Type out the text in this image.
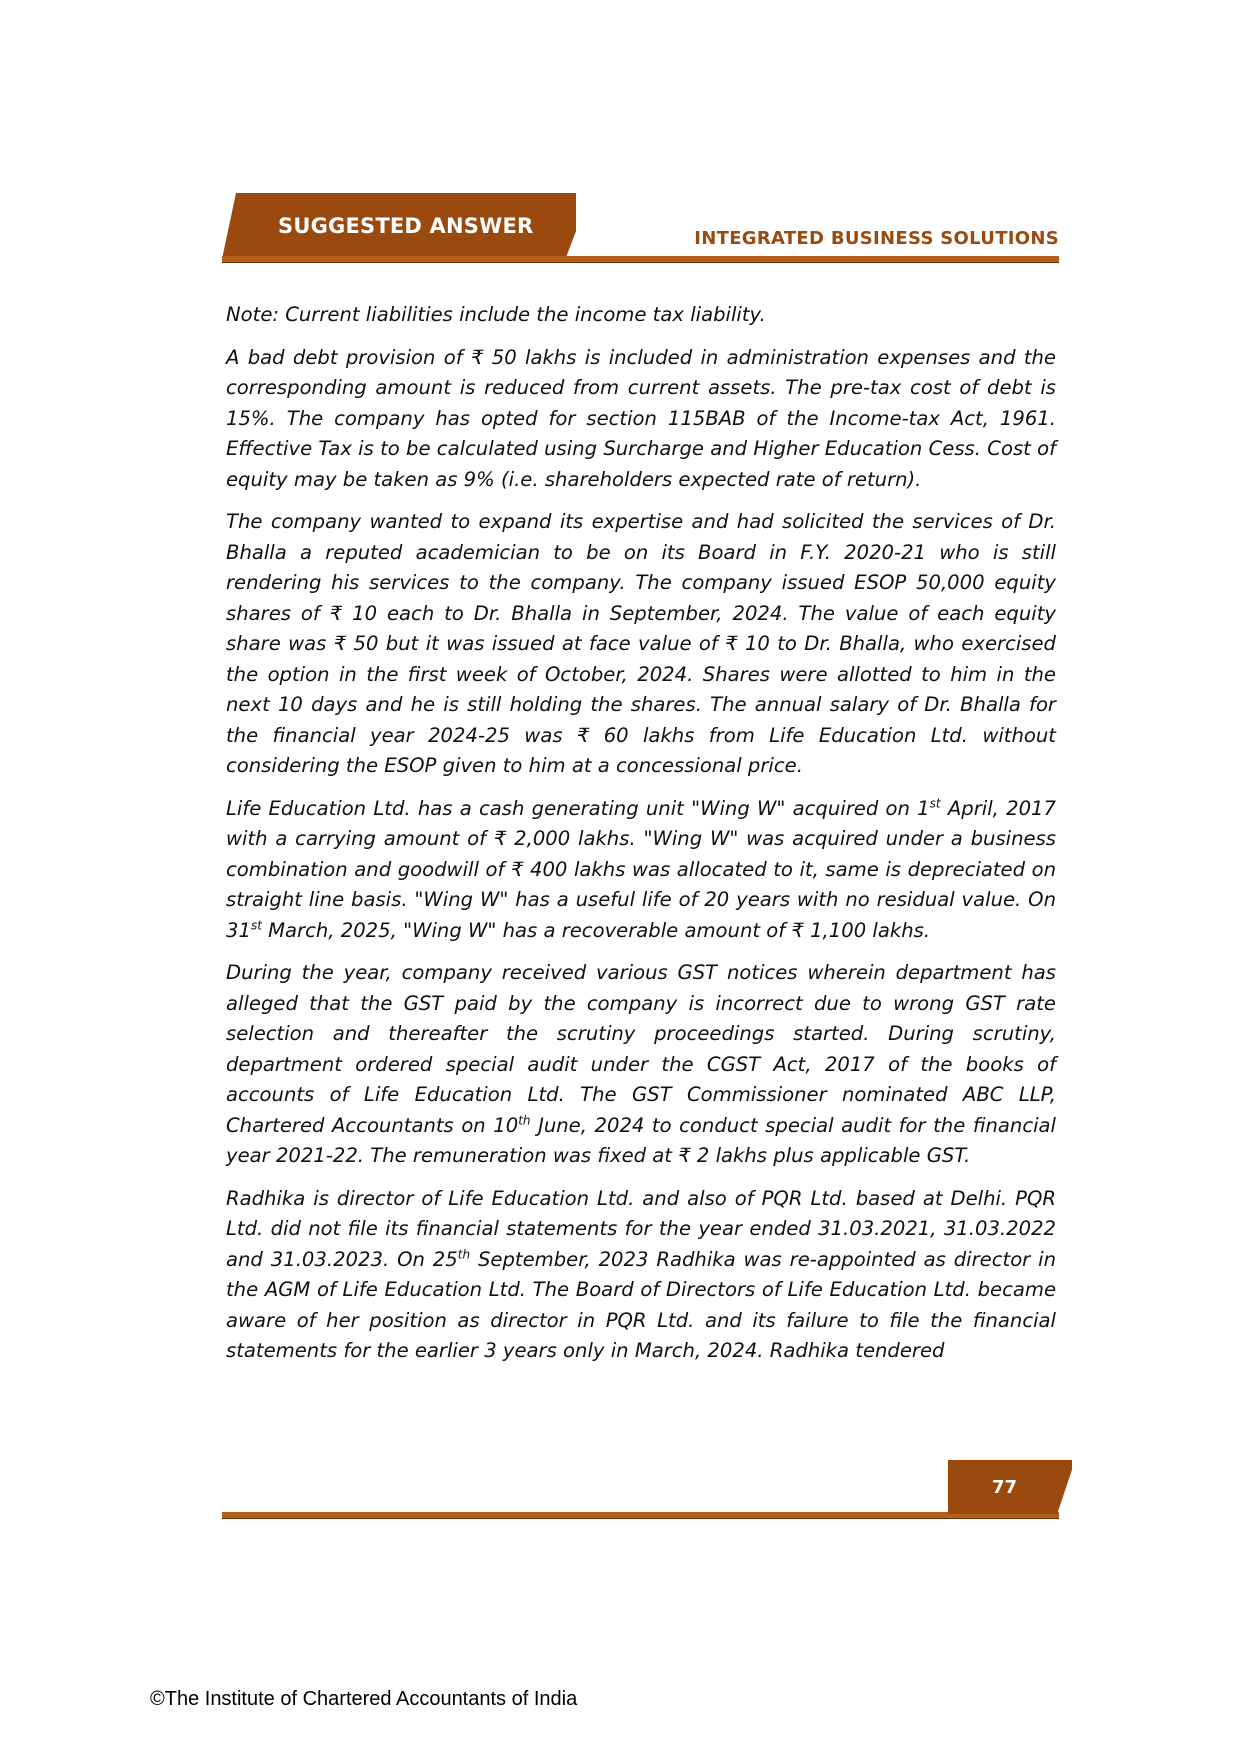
SUGGESTED ANSWER
INTEGRATED BUSINESS SOLUTIONS

Note: Current liabilities include the income tax liability.

A bad debt provision of ₹ 50 lakhs is included in administration expenses and the corresponding amount is reduced from current assets. The pre-tax cost of debt is 15%. The company has opted for section 115BAB of the Income-tax Act, 1961. Effective Tax is to be calculated using Surcharge and Higher Education Cess. Cost of equity may be taken as 9% (i.e. shareholders expected rate of return).

The company wanted to expand its expertise and had solicited the services of Dr. Bhalla a reputed academician to be on its Board in F.Y. 2020-21 who is still rendering his services to the company. The company issued ESOP 50,000 equity shares of ₹ 10 each to Dr. Bhalla in September, 2024. The value of each equity share was ₹ 50 but it was issued at face value of ₹ 10 to Dr. Bhalla, who exercised the option in the first week of October, 2024. Shares were allotted to him in the next 10 days and he is still holding the shares. The annual salary of Dr. Bhalla for the financial year 2024-25 was ₹ 60 lakhs from Life Education Ltd. without considering the ESOP given to him at a concessional price.

Life Education Ltd. has a cash generating unit "Wing W" acquired on 1st April, 2017 with a carrying amount of ₹ 2,000 lakhs. "Wing W" was acquired under a business combination and goodwill of ₹ 400 lakhs was allocated to it, same is depreciated on straight line basis. "Wing W" has a useful life of 20 years with no residual value. On 31st March, 2025, "Wing W" has a recoverable amount of ₹ 1,100 lakhs.

During the year, company received various GST notices wherein department has alleged that the GST paid by the company is incorrect due to wrong GST rate selection and thereafter the scrutiny proceedings started. During scrutiny, department ordered special audit under the CGST Act, 2017 of the books of accounts of Life Education Ltd. The GST Commissioner nominated ABC LLP, Chartered Accountants on 10th June, 2024 to conduct special audit for the financial year 2021-22. The remuneration was fixed at ₹ 2 lakhs plus applicable GST.

Radhika is director of Life Education Ltd. and also of PQR Ltd. based at Delhi. PQR Ltd. did not file its financial statements for the year ended 31.03.2021, 31.03.2022 and 31.03.2023. On 25th September, 2023 Radhika was re-appointed as director in the AGM of Life Education Ltd. The Board of Directors of Life Education Ltd. became aware of her position as director in PQR Ltd. and its failure to file the financial statements for the earlier 3 years only in March, 2024. Radhika tendered

77
©The Institute of Chartered Accountants of India
